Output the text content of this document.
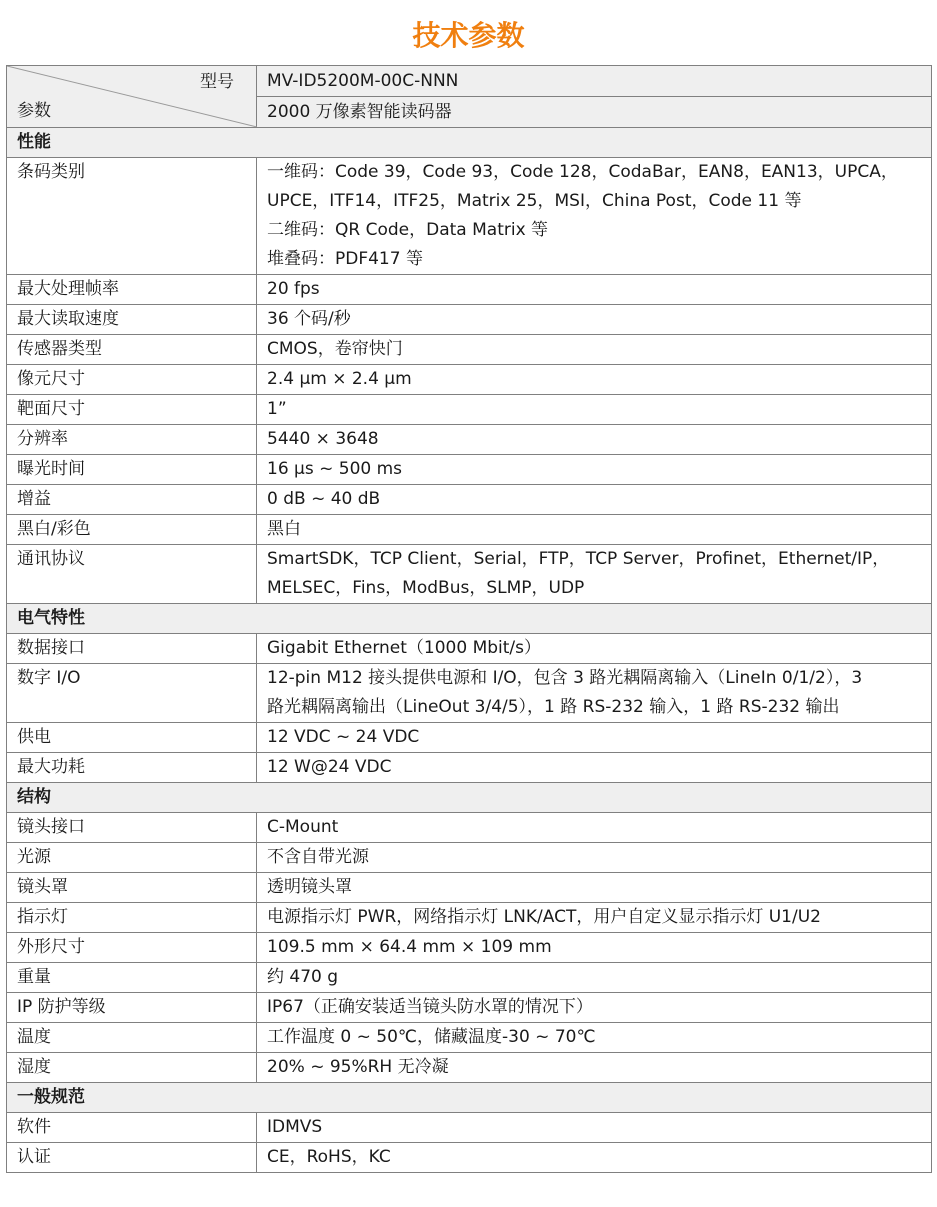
技术参数
型号
参数	MV-ID5200M-00C-NNN
	2000 万像素智能读码器
性能	
条码类别	一维码：Code 39，Code 93，Code 128，CodaBar，EAN8，EAN13，UPCA，
UPCE，ITF14，ITF25，Matrix 25，MSI，China Post，Code 11 等
二维码：QR Code，Data Matrix 等
堆叠码：PDF417 等

最大处理帧率	20 fps

最大读取速度	36 个码/秒

传感器类型	CMOS，卷帘快门

像元尺寸	2.4 μm × 2.4 μm

靶面尺寸	1”

分辨率	5440 × 3648

曝光时间	16 μs ~ 500 ms

增益	0 dB ~ 40 dB

黑白/彩色	黑白

通讯协议	SmartSDK，TCP Client，Serial，FTP，TCP Server，Profinet，Ethernet/IP，
MELSEC，Fins，ModBus，SLMP，UDP

电气特性	
数据接口	Gigabit Ethernet（1000 Mbit/s）

数字 I/O	12-pin M12 接头提供电源和 I/O，包含 3 路光耦隔离输入（LineIn 0/1/2），3
路光耦隔离输出（LineOut 3/4/5），1 路 RS-232 输入，1 路 RS-232 输出

供电	12 VDC ~ 24 VDC

最大功耗	12 W@24 VDC

结构	
镜头接口	C-Mount

光源	不含自带光源

镜头罩	透明镜头罩

指示灯	电源指示灯 PWR，网络指示灯 LNK/ACT，用户自定义显示指示灯 U1/U2

外形尺寸	109.5 mm × 64.4 mm × 109 mm

重量	约 470 g

IP 防护等级	IP67（正确安装适当镜头防水罩的情况下）

温度	工作温度 0 ~ 50℃，储藏温度-30 ~ 70℃

湿度	20% ~ 95%RH 无冷凝

一般规范	
软件	IDMVS

认证	CE，RoHS，KC
